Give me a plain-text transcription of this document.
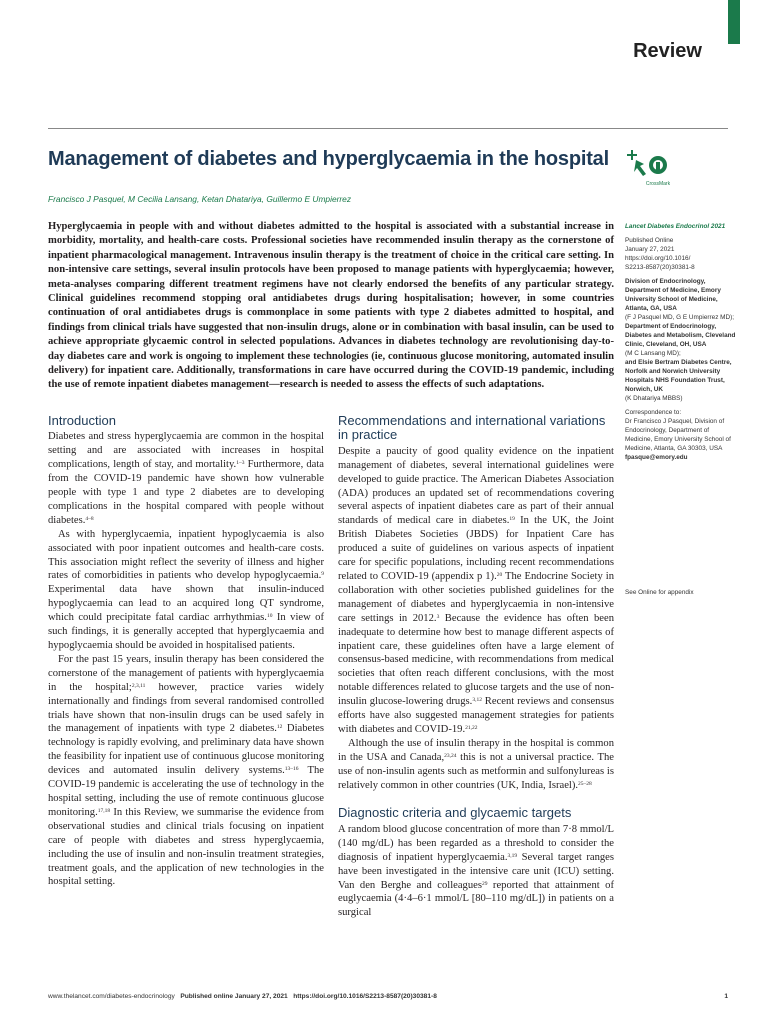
Review
Management of diabetes and hyperglycaemia in the hospital
CrossMark
Francisco J Pasquel, M Cecilia Lansang, Ketan Dhatariya, Guillermo E Umpierrez

Hyperglycaemia in people with and without diabetes admitted to the hospital is associated with a substantial increase in morbidity, mortality, and health-care costs. Professional societies have recommended insulin therapy as the cornerstone of inpatient pharmacological management. Intravenous insulin therapy is the treatment of choice in the critical care setting. In non-intensive care settings, several insulin protocols have been proposed to manage patients with hyperglycaemia; however, meta-analyses comparing different treatment regimens have not clearly endorsed the benefits of any particular strategy. Clinical guidelines recommend stopping oral antidiabetes drugs during hospitalisation; however, in some countries continuation of oral antidiabetes drugs is commonplace in some patients with type 2 diabetes admitted to hospital, and findings from clinical trials have suggested that non-insulin drugs, alone or in combination with basal insulin, can be used to achieve appropriate glycaemic control in selected populations. Advances in diabetes technology are revolutionising day-to-day diabetes care and work is ongoing to implement these technologies (ie, continuous glucose monitoring, automated insulin delivery) for inpatient care. Additionally, transformations in care have occurred during the COVID-19 pandemic, including the use of remote inpatient diabetes management—research is needed to assess the effects of such adaptations.

Introduction

Diabetes and stress hyperglycaemia are common in the hospital setting and are associated with increases in hospital complications, length of stay, and mortality.$^{1-3}$ Furthermore, data from the COVID-19 pandemic have shown how vulnerable people with type 1 and type 2 diabetes are to developing complications in the hospital compared with people without diabetes.$^{4-8}$

As with hyperglycaemia, inpatient hypoglycaemia is also associated with poor inpatient outcomes and health-care costs. This association might reflect the severity of illness and higher rates of comorbidities in patients who develop hypoglycaemia.$^9$ Experimental data have shown that insulin-induced hypoglycaemia can lead to an acquired long QT syndrome, which could precipitate fatal cardiac arrhythmias.$^{10}$ In view of such findings, it is generally accepted that hyperglycaemia and hypoglycaemia should be avoided in hospitalised patients.

For the past 15 years, insulin therapy has been considered the cornerstone of the management of patients with hyperglycaemia in the hospital;$^{2,3,11}$ however, practice varies widely internationally and findings from several randomised controlled trials have shown that non-insulin drugs can be used safely in the management of inpatients with type 2 diabetes.$^{12}$ Diabetes technology is rapidly evolving, and preliminary data have shown the feasibility for inpatient use of continuous glucose monitoring devices and automated insulin delivery systems.$^{13-16}$ The COVID-19 pandemic is accelerating the use of technology in the hospital setting, including the use of remote continuous glucose monitoring.$^{17,18}$ In this Review, we summarise the evidence from observational studies and clinical trials focusing on inpatient care of people with diabetes and stress hyperglycaemia, including the use of insulin and non-insulin treatment strategies, treatment goals, and the application of new technologies in the hospital setting.

Recommendations and international variations in practice

Despite a paucity of good quality evidence on the inpatient management of diabetes, several international guidelines were developed to guide practice. The American Diabetes Association (ADA) produces an updated set of recommendations covering several aspects of inpatient diabetes care as part of their annual standards of medical care in diabetes.$^{19}$ In the UK, the Joint British Diabetes Societies (JBDS) for Inpatient Care has produced a suite of guidelines on various aspects of inpatient care for specific populations, including recent recommendations related to COVID-19 (appendix p 1).$^{20}$ The Endocrine Society in collaboration with other societies published guidelines for the management of diabetes and hyperglycaemia in non-intensive care settings in 2012.$^3$ Because the evidence has often been inadequate to determine how best to manage different aspects of inpatient care, these guidelines often have a large element of consensus-based medicine, with recommendations from medical societies that often reach different conclusions, with the most notable differences related to glucose targets and the use of non-insulin glucose-lowering drugs.$^{3,12}$ Recent reviews and consensus efforts have also suggested management strategies for patients with diabetes and COVID-19.$^{21,22}$

Although the use of insulin therapy in the hospital is common in the USA and Canada,$^{23,24}$ this is not a universal practice. The use of non-insulin agents such as metformin and sulfonylureas is relatively common in other countries (UK, India, Israel).$^{25-28}$

Diagnostic criteria and glycaemic targets

A random blood glucose concentration of more than 7·8 mmol/L (140 mg/dL) has been regarded as a threshold to consider the diagnosis of inpatient hyperglycaemia.$^{3,19}$ Several target ranges have been investigated in the intensive care unit (ICU) setting. Van den Berghe and colleagues$^{29}$ reported that attainment of euglycaemia (4·4–6·1 mmol/L [80–110 mg/dL]) in patients on a surgical

Lancet Diabetes Endocrinol 2021
Published Online
January 27, 2021
https://doi.org/10.1016/
S2213-8587(20)30381-8
Division of Endocrinology, Department of Medicine, Emory University School of Medicine, Atlanta, GA, USA
(F J Pasquel MD, G E Umpierrez MD);
Department of Endocrinology, Diabetes and Metabolism, Cleveland Clinic, Cleveland, OH, USA
(M C Lansang MD);
and Elsie Bertram Diabetes Centre, Norfolk and Norwich University Hospitals NHS Foundation Trust, Norwich, UK
(K Dhatariya MBBS)
Correspondence to:
Dr Francisco J Pasquel, Division of Endocrinology, Department of Medicine, Emory University School of Medicine, Atlanta, GA 30303, USA
fpasque@emory.edu
See Online for appendix
www.thelancet.com/diabetes-endocrinology Published online January 27, 2021 https://doi.org/10.1016/S2213-8587(20)30381-8	1
